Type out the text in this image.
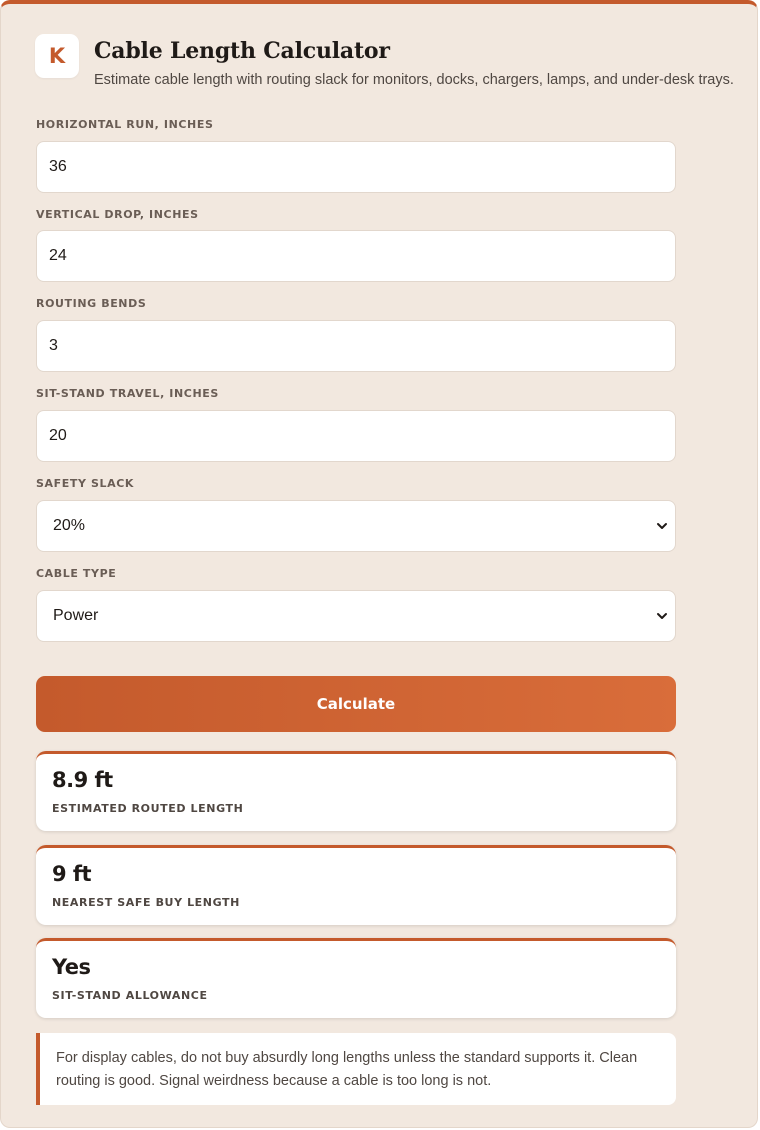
K Cable Length Calculator
Estimate cable length with routing slack for monitors, docks, chargers, lamps, and under-desk trays.
HORIZONTAL RUN, INCHES
36
VERTICAL DROP, INCHES
24
ROUTING BENDS
3
SIT-STAND TRAVEL, INCHES
20
SAFETY SLACK
20%
CABLE TYPE
Power
Calculate
8.9 ft
ESTIMATED ROUTED LENGTH
9 ft
NEAREST SAFE BUY LENGTH
Yes
SIT-STAND ALLOWANCE
For display cables, do not buy absurdly long lengths unless the standard supports it. Clean routing is good. Signal weirdness because a cable is too long is not.
